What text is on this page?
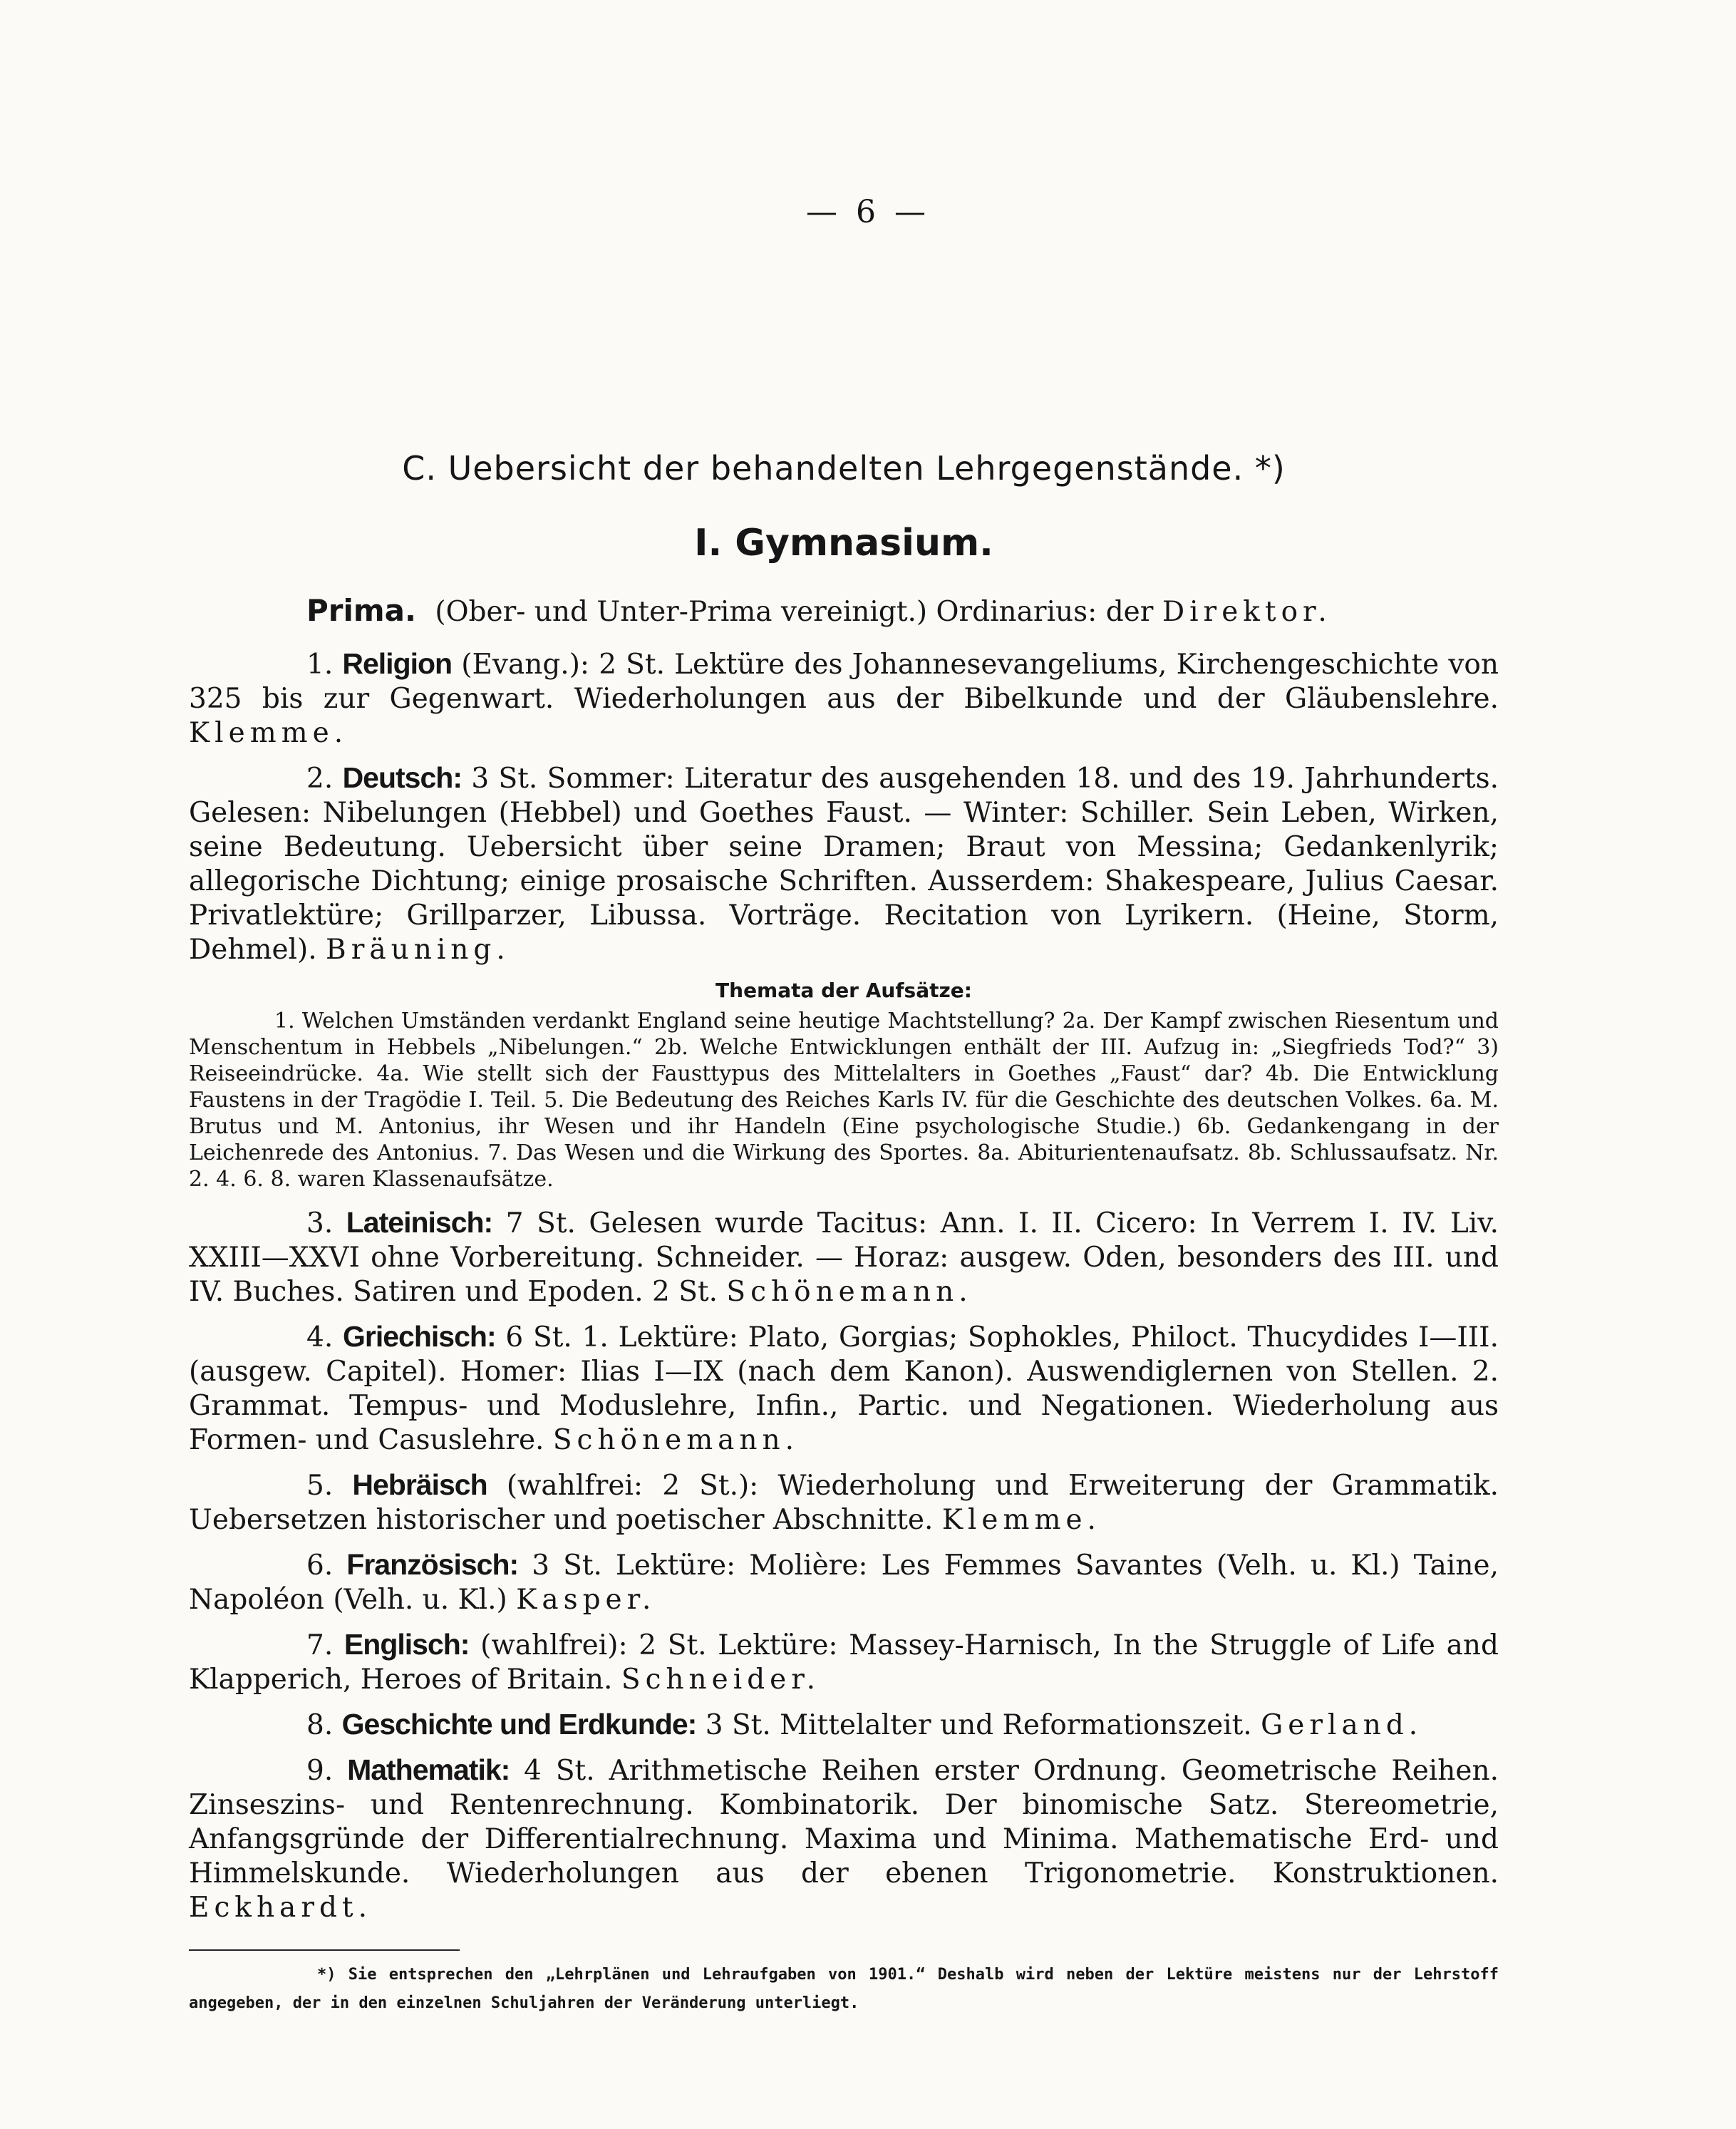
— 6 —
C. Uebersicht der behandelten Lehrgegenstände. *)
I. Gymnasium.
Prima. (Ober- und Unter-Prima vereinigt.) Ordinarius: der Direktor.

1. Religion (Evang.): 2 St. Lektüre des Johannesevangeliums, Kirchengeschichte von 325 bis zur Gegenwart. Wiederholungen aus der Bibelkunde und der Gläubenslehre. Klemme.

2. Deutsch: 3 St. Sommer: Literatur des ausgehenden 18. und des 19. Jahrhunderts. Gelesen: Nibelungen (Hebbel) und Goethes Faust. — Winter: Schiller. Sein Leben, Wirken, seine Bedeutung. Uebersicht über seine Dramen; Braut von Messina; Gedankenlyrik; allegorische Dichtung; einige prosaische Schriften. Ausserdem: Shakespeare, Julius Caesar. Privatlektüre; Grillparzer, Libussa. Vorträge. Recitation von Lyrikern. (Heine, Storm, Dehmel). Bräuning.

Themata der Aufsätze:

1. Welchen Umständen verdankt England seine heutige Machtstellung? 2a. Der Kampf zwischen Riesentum und Menschentum in Hebbels „Nibelungen.“ 2b. Welche Entwicklungen enthält der III. Aufzug in: „Siegfrieds Tod?“ 3) Reiseeindrücke. 4a. Wie stellt sich der Fausttypus des Mittelalters in Goethes „Faust“ dar? 4b. Die Entwicklung Faustens in der Tragödie I. Teil. 5. Die Bedeutung des Reiches Karls IV. für die Geschichte des deutschen Volkes. 6a. M. Brutus und M. Antonius, ihr Wesen und ihr Handeln (Eine psychologische Studie.) 6b. Gedankengang in der Leichenrede des Antonius. 7. Das Wesen und die Wirkung des Sportes. 8a. Abiturientenaufsatz. 8b. Schlussaufsatz. Nr. 2. 4. 6. 8. waren Klassenaufsätze.

3. Lateinisch: 7 St. Gelesen wurde Tacitus: Ann. I. II. Cicero: In Verrem I. IV. Liv. XXIII—XXVI ohne Vorbereitung. Schneider. — Horaz: ausgew. Oden, besonders des III. und IV. Buches. Satiren und Epoden. 2 St. Schönemann.

4. Griechisch: 6 St. 1. Lektüre: Plato, Gorgias; Sophokles, Philoct. Thucydides I—III. (ausgew. Capitel). Homer: Ilias I—IX (nach dem Kanon). Auswendiglernen von Stellen. 2. Grammat. Tempus- und Moduslehre, Infin., Partic. und Negationen. Wiederholung aus Formen- und Casuslehre. Schönemann.

5. Hebräisch (wahlfrei: 2 St.): Wiederholung und Erweiterung der Grammatik. Uebersetzen historischer und poetischer Abschnitte. Klemme.

6. Französisch: 3 St. Lektüre: Molière: Les Femmes Savantes (Velh. u. Kl.) Taine, Napoléon (Velh. u. Kl.) Kasper.

7. Englisch: (wahlfrei): 2 St. Lektüre: Massey-Harnisch, In the Struggle of Life and Klapperich, Heroes of Britain. Schneider.

8. Geschichte und Erdkunde: 3 St. Mittelalter und Reformationszeit. Gerland.

9. Mathematik: 4 St. Arithmetische Reihen erster Ordnung. Geometrische Reihen. Zinseszins- und Rentenrechnung. Kombinatorik. Der binomische Satz. Stereometrie, Anfangsgründe der Differentialrechnung. Maxima und Minima. Mathematische Erd- und Himmelskunde. Wiederholungen aus der ebenen Trigonometrie. Konstruktionen. Eckhardt.

*) Sie entsprechen den „Lehrplänen und Lehraufgaben von 1901.“ Deshalb wird neben der Lektüre meistens nur der Lehrstoff angegeben, der in den einzelnen Schuljahren der Veränderung unterliegt.
